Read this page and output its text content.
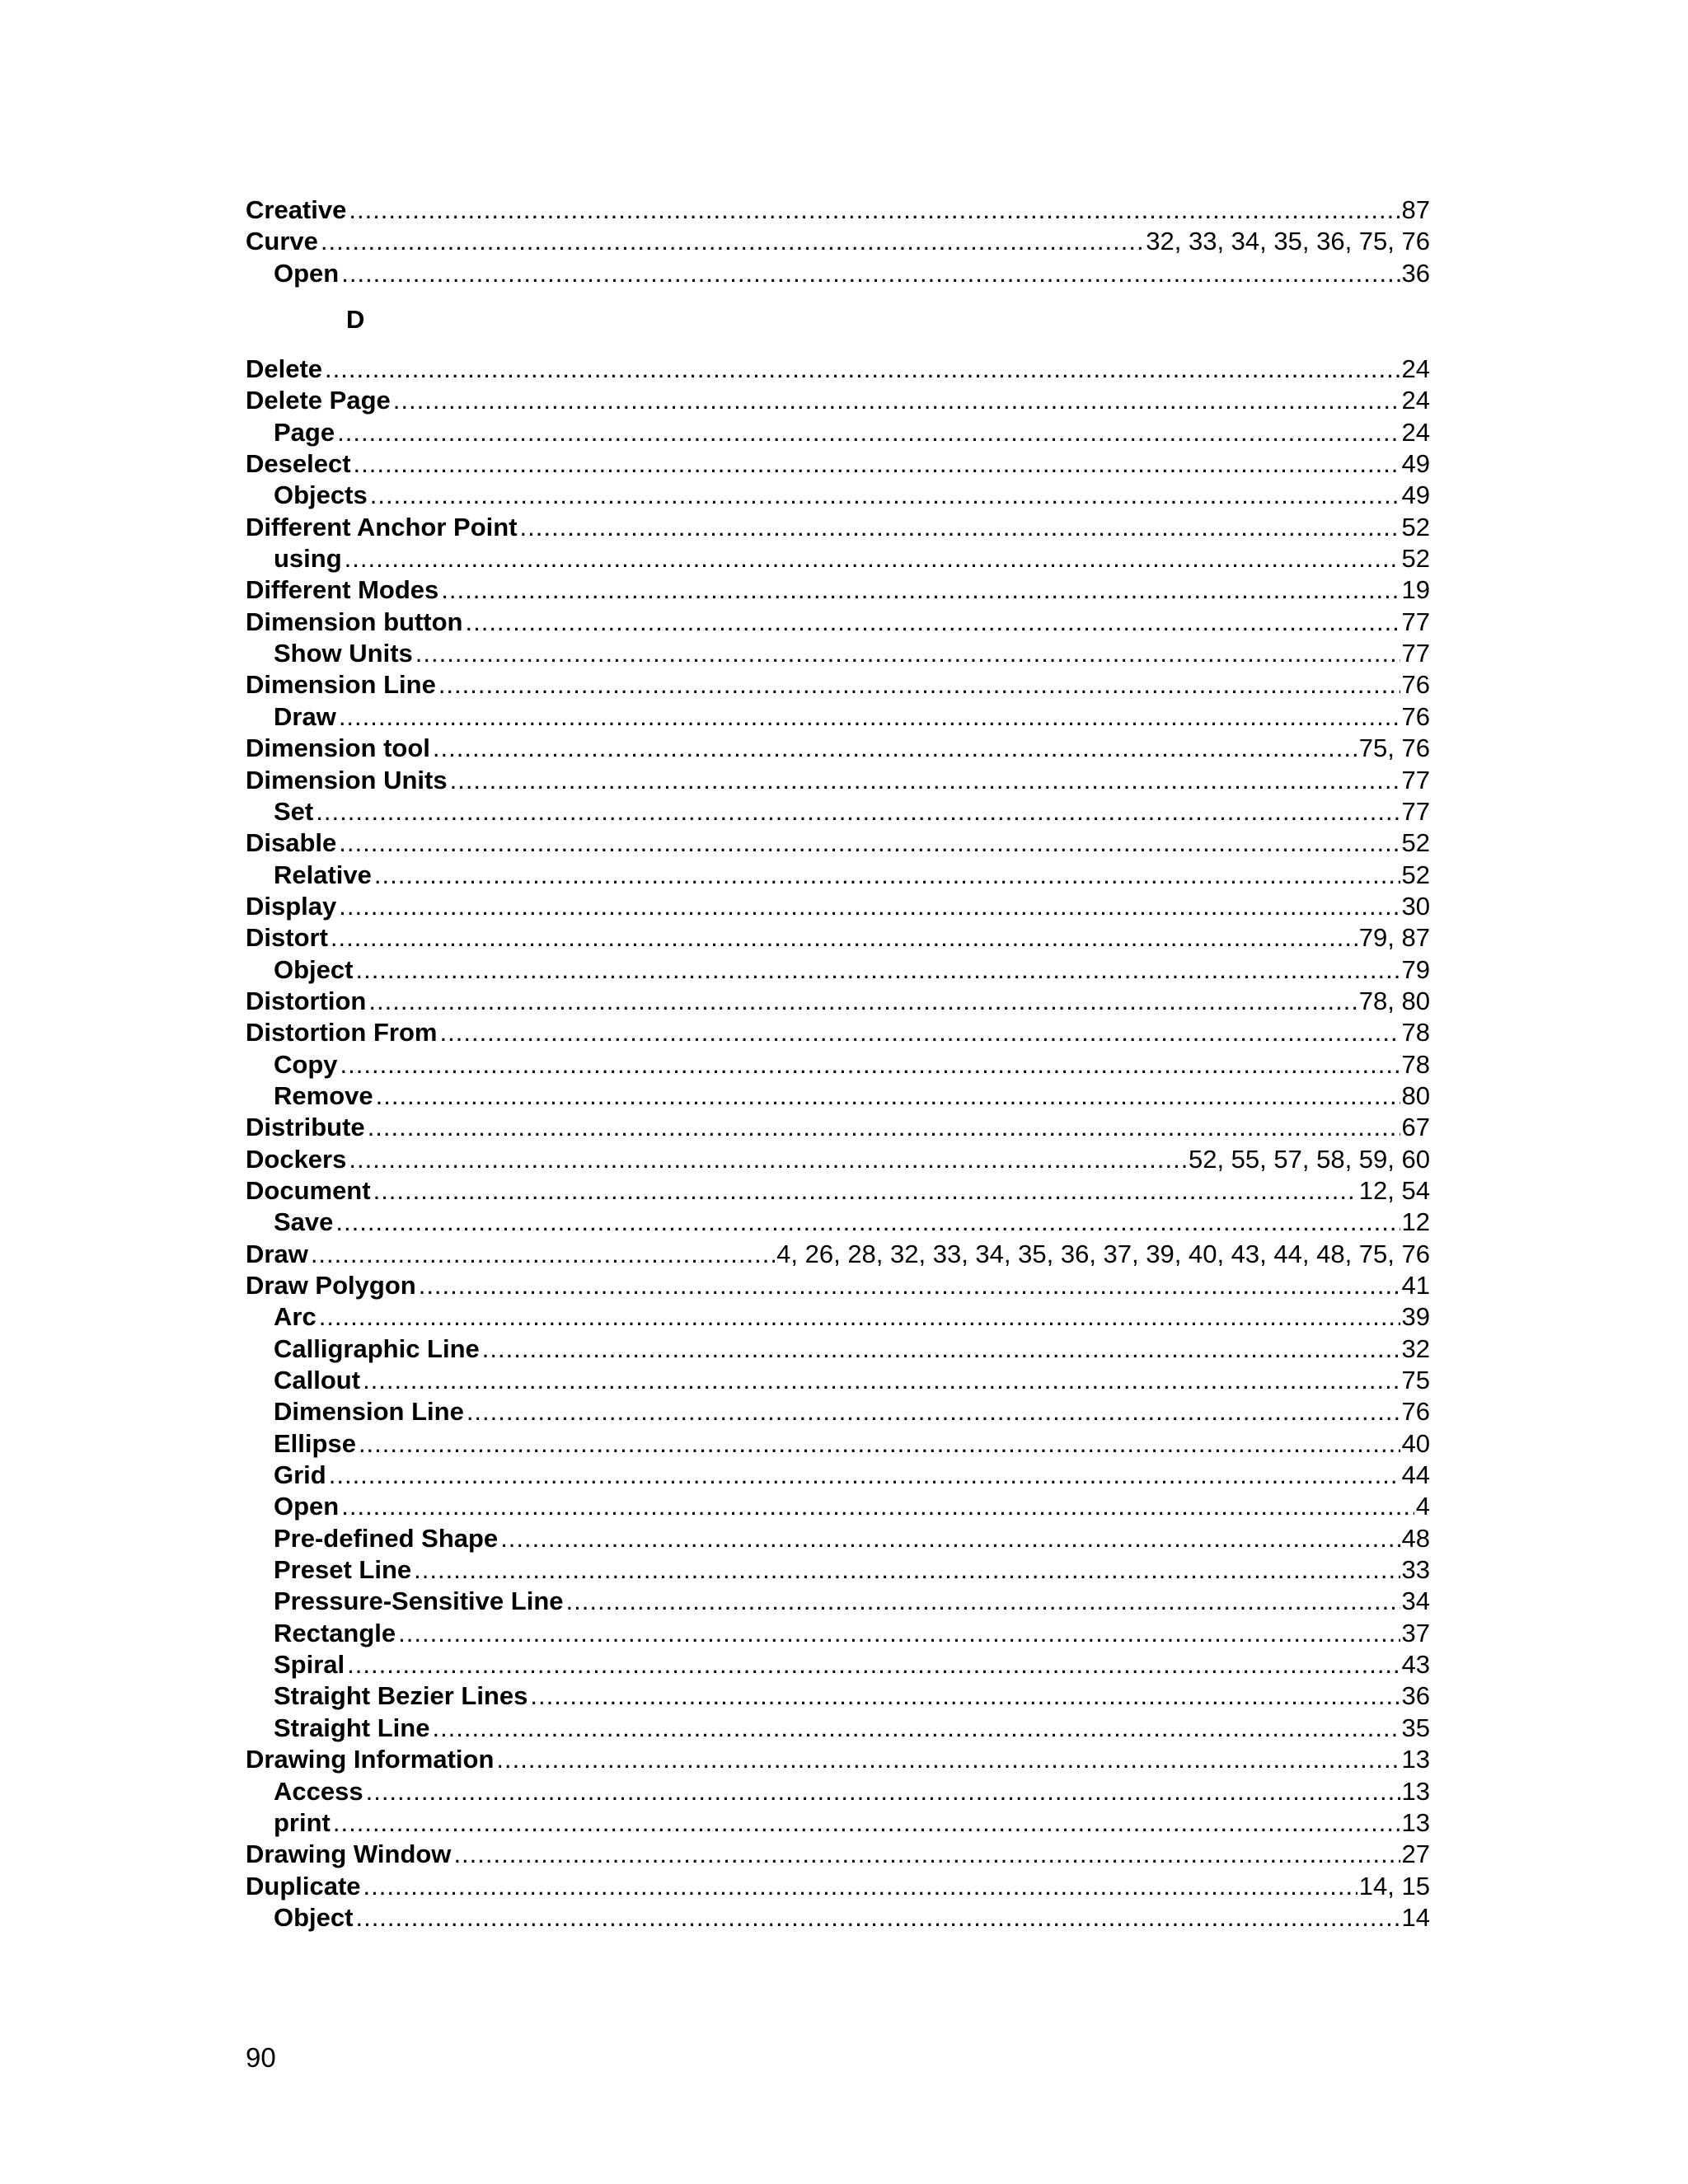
Creative .....	87
Curve .....	32, 33, 34, 35, 36, 75, 76
Open .....	36
D
Delete .....	24
Delete Page .....	24
Page .....	24
Deselect .....	49
Objects .....	49
Different Anchor Point .....	52
using .....	52
Different Modes .....	19
Dimension button .....	77
Show Units .....	77
Dimension Line .....	76
Draw .....	76
Dimension tool .....	75, 76
Dimension Units .....	77
Set .....	77
Disable .....	52
Relative .....	52
Display .....	30
Distort .....	79, 87
Object .....	79
Distortion .....	78, 80
Distortion From .....	78
Copy .....	78
Remove .....	80
Distribute .....	67
Dockers .....	52, 55, 57, 58, 59, 60
Document .....	12, 54
Save .....	12
Draw .....	4, 26, 28, 32, 33, 34, 35, 36, 37, 39, 40, 43, 44, 48, 75, 76
Draw Polygon .....	41
Arc .....	39
Calligraphic Line .....	32
Callout .....	75
Dimension Line .....	76
Ellipse .....	40
Grid .....	44
Open .....	4
Pre-defined Shape .....	48
Preset Line .....	33
Pressure-Sensitive Line .....	34
Rectangle .....	37
Spiral .....	43
Straight Bezier Lines .....	36
Straight Line .....	35
Drawing Information .....	13
Access .....	13
print .....	13
Drawing Window .....	27
Duplicate .....	14, 15
Object .....	14
90
